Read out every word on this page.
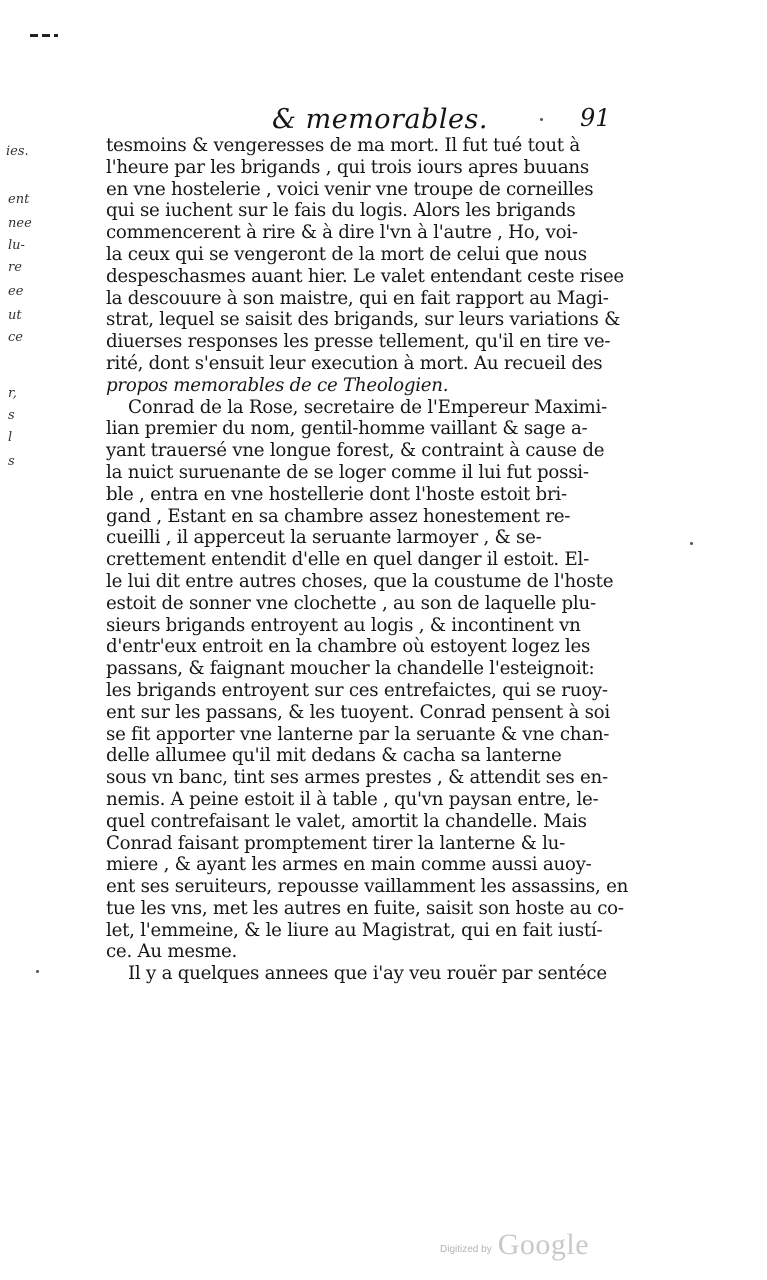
& memorables.	91
ies.
ent
nee
lu-
re
ee
ut
ce
r,
s
l
s
tesmoins & vengeresses de ma mort. Il fut tué tout à
l'heure par les brigands , qui trois iours apres buuans
en vne hostelerie , voici venir vne troupe de corneilles
qui se iuchent sur le fais du logis. Alors les brigands
commencerent à rire & à dire l'vn à l'autre , Ho, voi-
la ceux qui se vengeront de la mort de celui que nous
despeschasmes auant hier. Le valet entendant ceste risee
la descouure à son maistre, qui en fait rapport au Magi-
strat, lequel se saisit des brigands, sur leurs variations &
diuerses responses les presse tellement, qu'il en tire ve-
rité, dont s'ensuit leur execution à mort. Au recueil des
propos memorables de ce Theologien.
Conrad de la Rose, secretaire de l'Empereur Maximi-
lian premier du nom, gentil-homme vaillant & sage a-
yant trauersé vne longue forest, & contraint à cause de
la nuict suruenante de se loger comme il lui fut possi-
ble , entra en vne hostellerie dont l'hoste estoit bri-
gand , Estant en sa chambre assez honestement re-
cueilli , il apperceut la seruante larmoyer , & se-
crettement entendit d'elle en quel danger il estoit. El-
le lui dit entre autres choses, que la coustume de l'hoste
estoit de sonner vne clochette , au son de laquelle plu-
sieurs brigands entroyent au logis , & incontinent vn
d'entr'eux entroit en la chambre où estoyent logez les
passans, & faignant moucher la chandelle l'esteignoit:
les brigands entroyent sur ces entrefaictes, qui se ruoy-
ent sur les passans, & les tuoyent. Conrad pensent à soi
se fit apporter vne lanterne par la seruante & vne chan-
delle allumee qu'il mit dedans & cacha sa lanterne
sous vn banc, tint ses armes prestes , & attendit ses en-
nemis. A peine estoit il à table , qu'vn paysan entre, le-
quel contrefaisant le valet, amortit la chandelle. Mais
Conrad faisant promptement tirer la lanterne & lu-
miere , & ayant les armes en main comme aussi auoy-
ent ses seruiteurs, repousse vaillamment les assassins, en
tue les vns, met les autres en fuite, saisit son hoste au co-
let, l'emmeine, & le liure au Magistrat, qui en fait iustí-
ce. Au mesme.
Il y a quelques annees que i'ay veu rouër par sentéce
Digitized by Google
